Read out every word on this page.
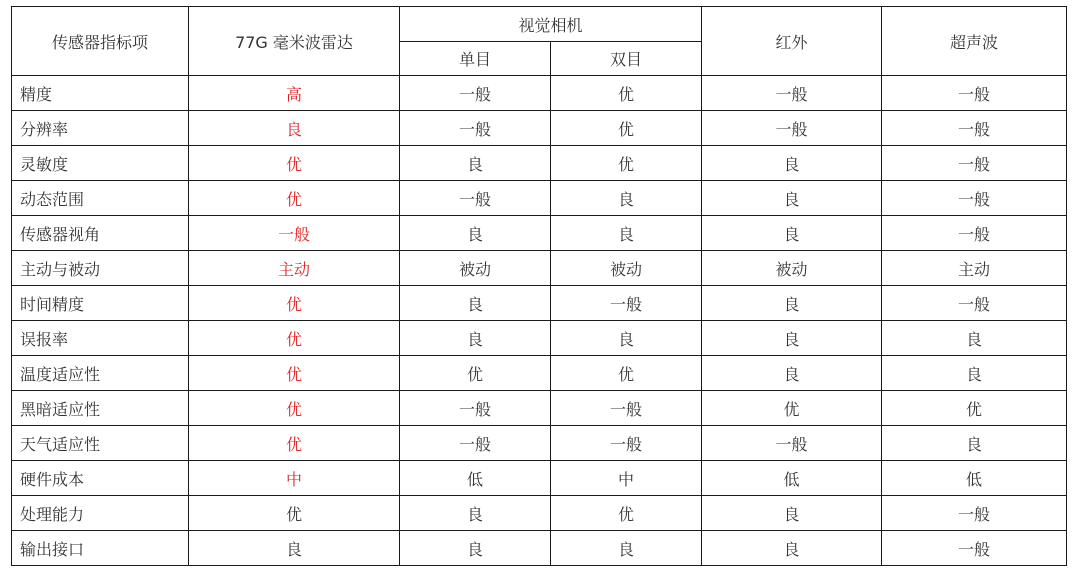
传感器指标项	77G 毫米波雷达	视觉相机		红外	超声波
		单目	双目		
精度	高	一般	优	一般	一般
分辨率	良	一般	优	一般	一般
灵敏度	优	良	优	良	一般
动态范围	优	一般	良	良	一般
传感器视角	一般	良	良	良	一般
主动与被动	主动	被动	被动	被动	主动
时间精度	优	良	一般	良	一般
误报率	优	良	良	良	良
温度适应性	优	优	优	良	良
黑暗适应性	优	一般	一般	优	优
天气适应性	优	一般	一般	一般	良
硬件成本	中	低	中	低	低
处理能力	优	良	优	良	一般
输出接口	良	良	良	良	一般
